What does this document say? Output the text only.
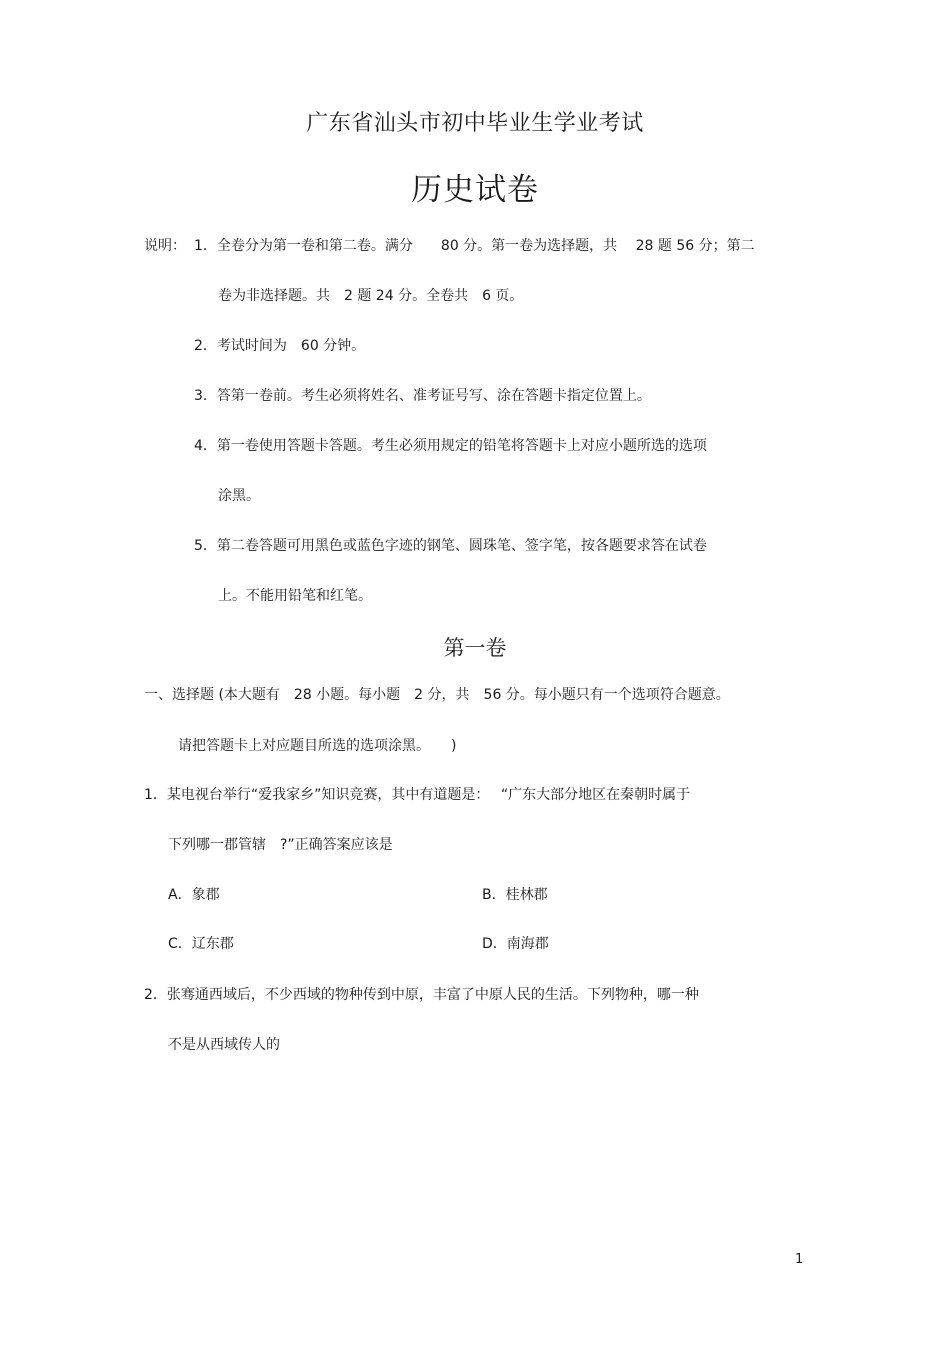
广东省汕头市初中毕业生学业考试
历史试卷
说明： 1．全卷分为第一卷和第二卷。满分　　80 分。第一卷为选择题，共　 28 题 56 分；第二
卷为非选择题。共　2 题 24 分。全卷共　6 页。
2．考试时间为　60 分钟。
3．答第一卷前。考生必须将姓名、准考证号写、涂在答题卡指定位置上。
4．第一卷使用答题卡答题。考生必须用规定的铅笔将答题卡上对应小题所选的选项
涂黑。
5．第二卷答题可用黑色或蓝色字迹的钢笔、圆珠笔、签字笔，按各题要求答在试卷
上。不能用铅笔和红笔。
第一卷
一、选择题 (本大题有　28 小题。每小题　2 分，共　56 分。每小题只有一个选项符合题意。
请把答题卡上对应题目所选的选项涂黑。　　)
1．某电视台举行“爱我家乡”知识竞赛，其中有道题是：　 “广东大部分地区在秦朝时属于
下列哪一郡管辖　?”正确答案应该是
A．象郡	B．桂林郡
C．辽东郡	D．南海郡
2．张骞通西域后，不少西域的物种传到中原，丰富了中原人民的生活。下列物种，哪一种
不是从西域传人的
1
